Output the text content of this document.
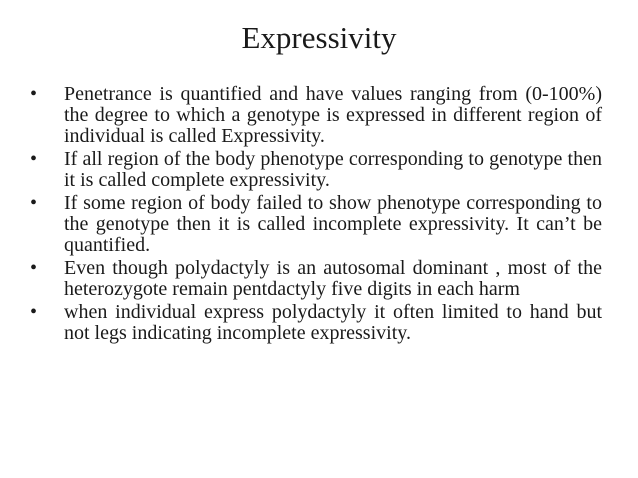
Expressivity
•	Penetrance is quantified and have values ranging from (0-100%) the degree to which a genotype is expressed in different region of individual is called Expressivity.
•	If all region of the body phenotype corresponding to genotype then it is called complete expressivity.
•	If some region of body failed to show phenotype corresponding to the genotype then it is called incomplete expressivity. It can’t be quantified.
•	Even though polydactyly is an autosomal dominant , most of the heterozygote remain pentdactyly five digits in each harm
•	when individual express polydactyly it often limited to hand but not legs indicating incomplete expressivity.
